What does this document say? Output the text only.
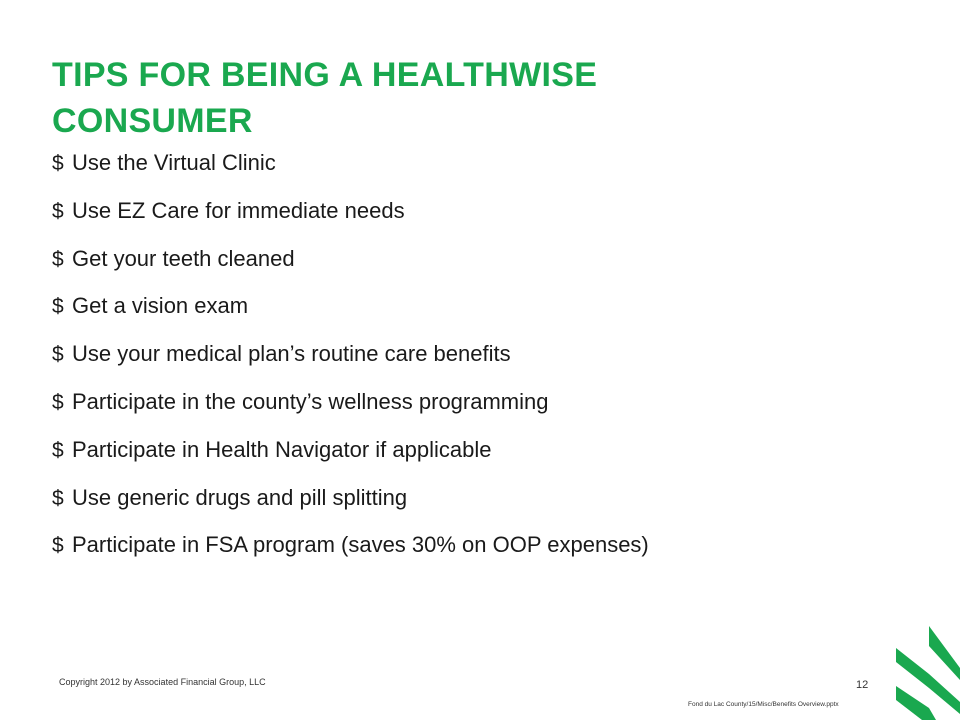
TIPS FOR BEING A HEALTHWISE CONSUMER
$ Use the Virtual Clinic
$ Use EZ Care for immediate needs
$ Get your teeth cleaned
$ Get a vision exam
$ Use your medical plan’s routine care benefits
$ Participate in the county’s wellness programming
$ Participate in Health Navigator if applicable
$ Use generic drugs and pill splitting
$ Participate in FSA program (saves 30% on OOP expenses)

Copyright 2012 by Associated Financial Group, LLC	12

Fond du Lac County/15/Misc/Benefits Overview.pptx
